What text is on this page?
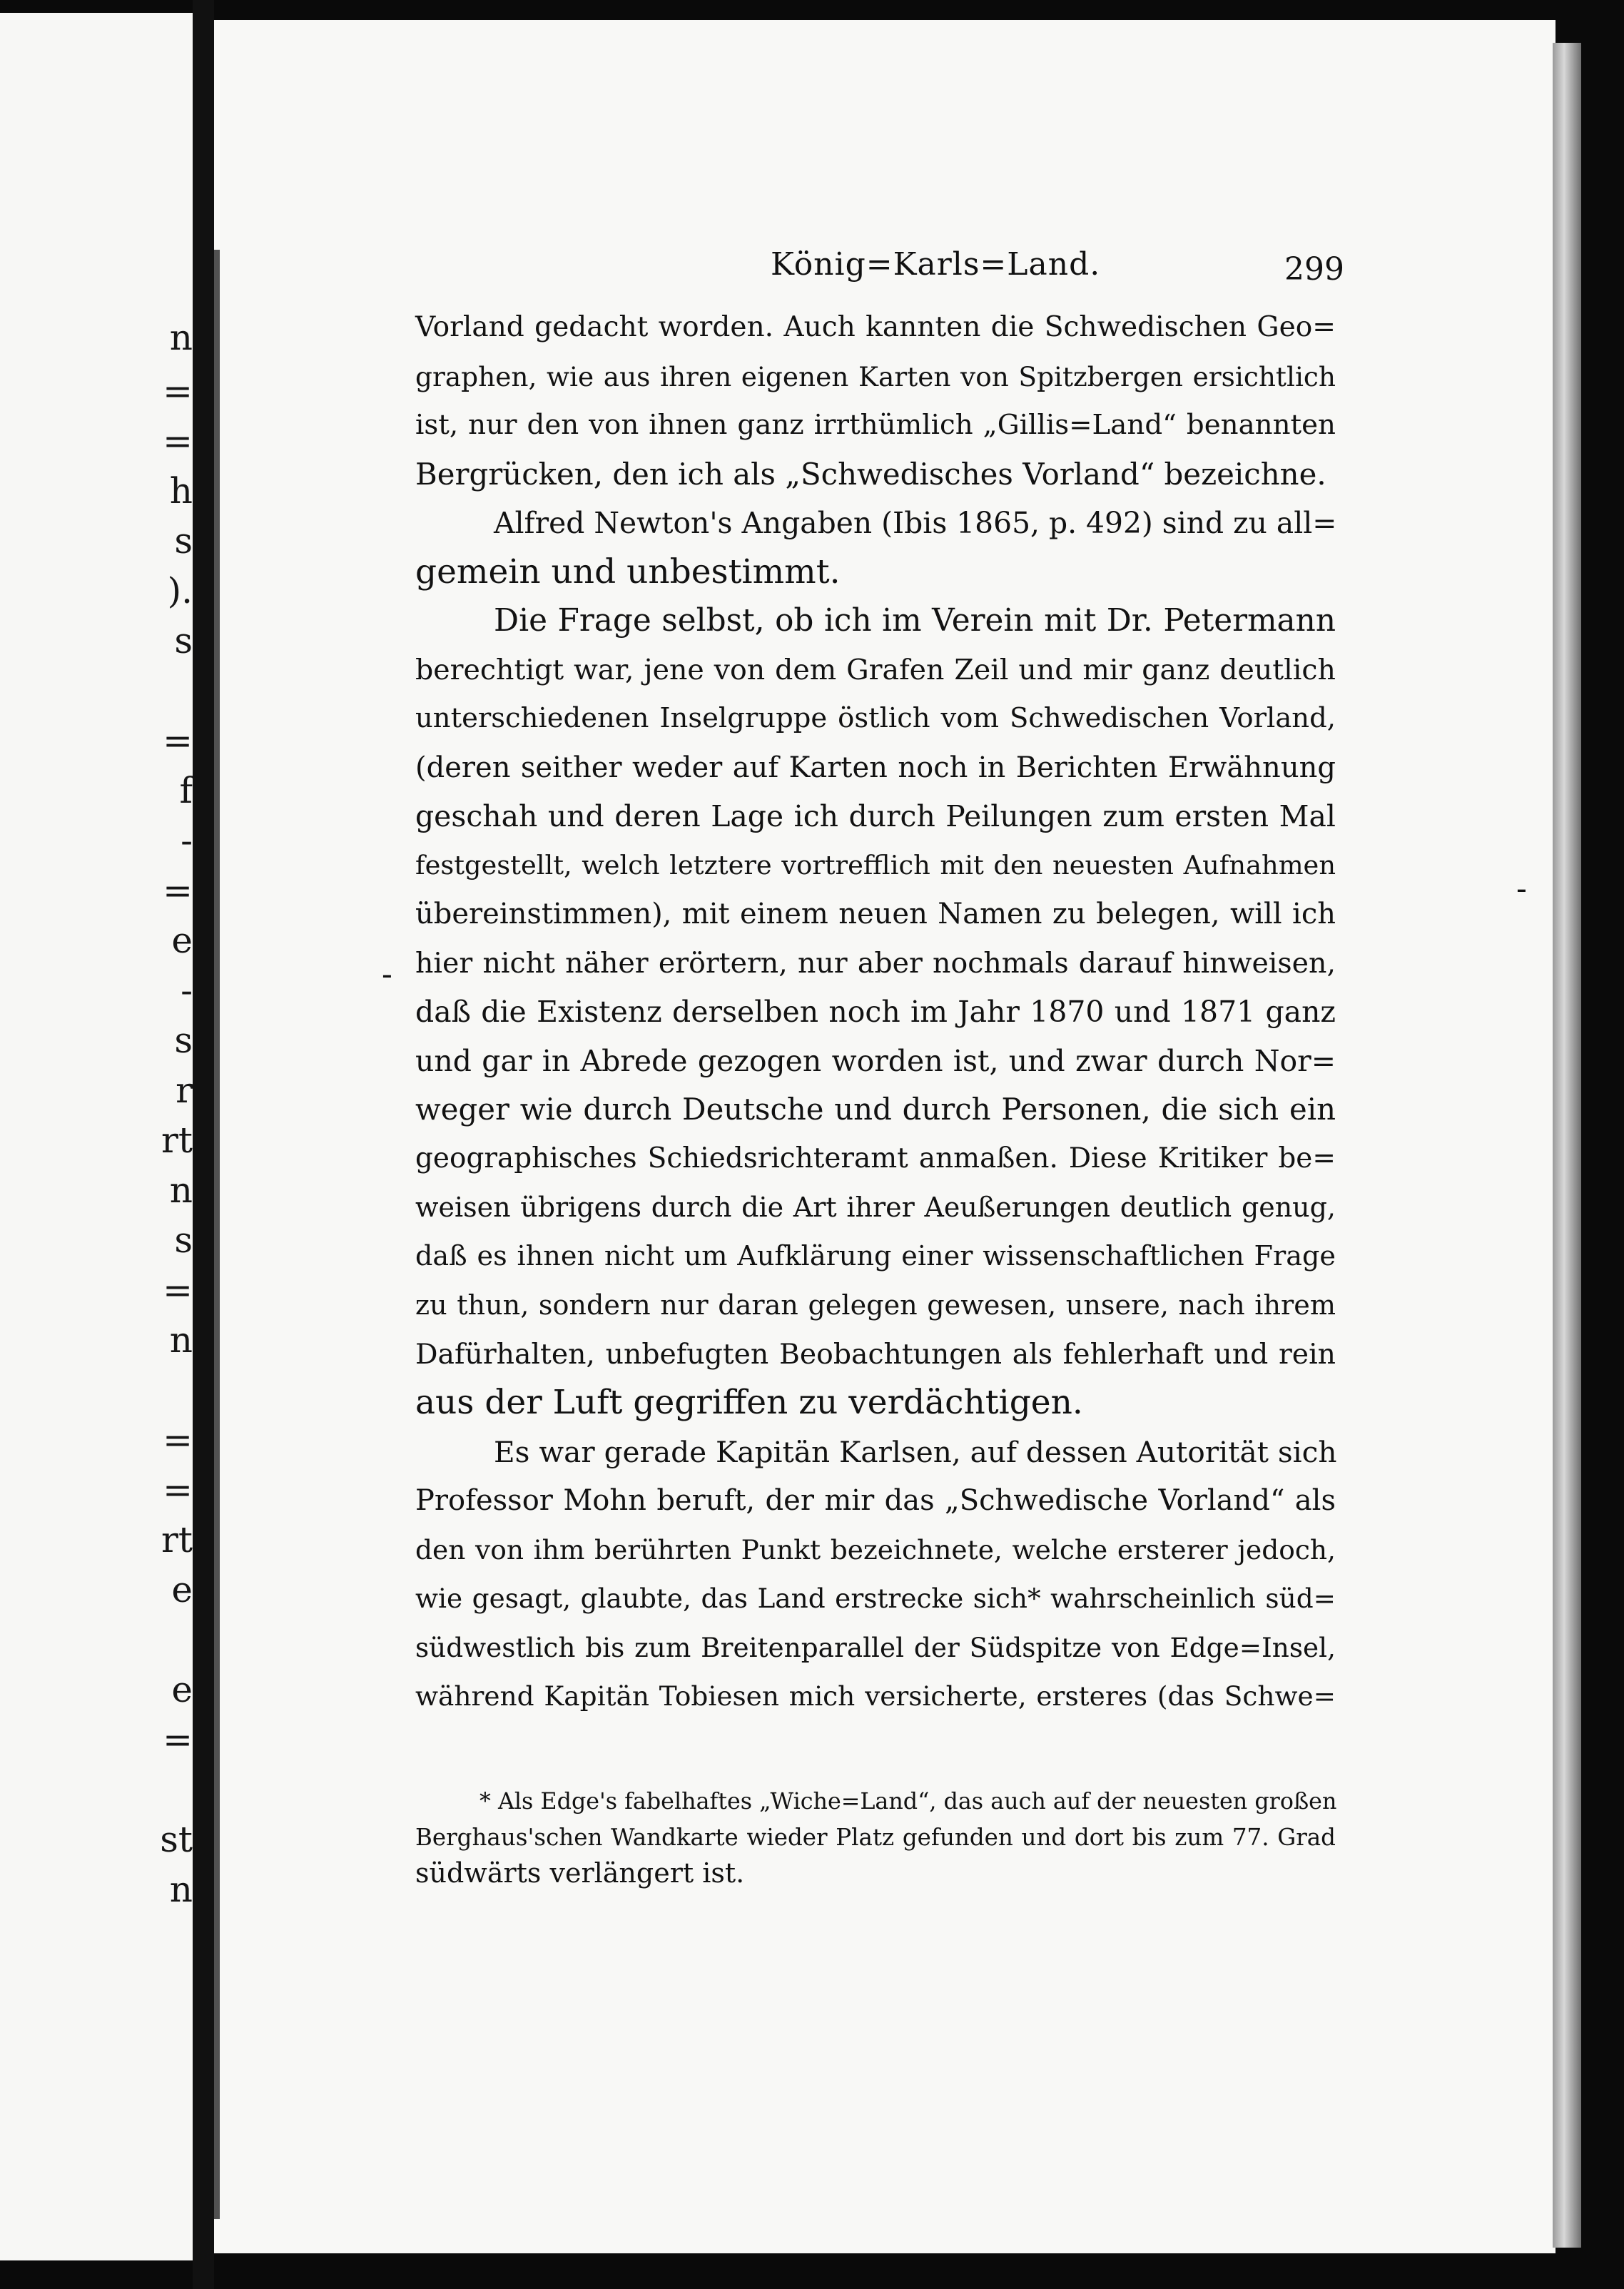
n
=
=
h
s
).
s
=
f
-
=
e
-
s
r
rt
n
s
=
n
=
=
rt
e
e
=
st
n
König=Karls=Land.	299
-
-
Vorland gedacht worden. Auch kannten die Schwedischen Geo=
graphen, wie aus ihren eigenen Karten von Spitzbergen ersichtlich
ist, nur den von ihnen ganz irrthümlich „Gillis=Land“ benannten
Bergrücken, den ich als „Schwedisches Vorland“ bezeichne.
Alfred Newton's Angaben (Ibis 1865, p. 492) sind zu all=
gemein und unbestimmt.
Die Frage selbst, ob ich im Verein mit Dr. Petermann
berechtigt war, jene von dem Grafen Zeil und mir ganz deutlich
unterschiedenen Inselgruppe östlich vom Schwedischen Vorland,
(deren seither weder auf Karten noch in Berichten Erwähnung
geschah und deren Lage ich durch Peilungen zum ersten Mal
festgestellt, welch letztere vortrefflich mit den neuesten Aufnahmen
übereinstimmen), mit einem neuen Namen zu belegen, will ich
hier nicht näher erörtern, nur aber nochmals darauf hinweisen,
daß die Existenz derselben noch im Jahr 1870 und 1871 ganz
und gar in Abrede gezogen worden ist, und zwar durch Nor=
weger wie durch Deutsche und durch Personen, die sich ein
geographisches Schiedsrichteramt anmaßen. Diese Kritiker be=
weisen übrigens durch die Art ihrer Aeußerungen deutlich genug,
daß es ihnen nicht um Aufklärung einer wissenschaftlichen Frage
zu thun, sondern nur daran gelegen gewesen, unsere, nach ihrem
Dafürhalten, unbefugten Beobachtungen als fehlerhaft und rein
aus der Luft gegriffen zu verdächtigen.
Es war gerade Kapitän Karlsen, auf dessen Autorität sich
Professor Mohn beruft, der mir das „Schwedische Vorland“ als
den von ihm berührten Punkt bezeichnete, welche ersterer jedoch,
wie gesagt, glaubte, das Land erstrecke sich* wahrscheinlich süd=
südwestlich bis zum Breitenparallel der Südspitze von Edge=Insel,
während Kapitän Tobiesen mich versicherte, ersteres (das Schwe=
* Als Edge's fabelhaftes „Wiche=Land“, das auch auf der neuesten großen
Berghaus'schen Wandkarte wieder Platz gefunden und dort bis zum 77. Grad
südwärts verlängert ist.
